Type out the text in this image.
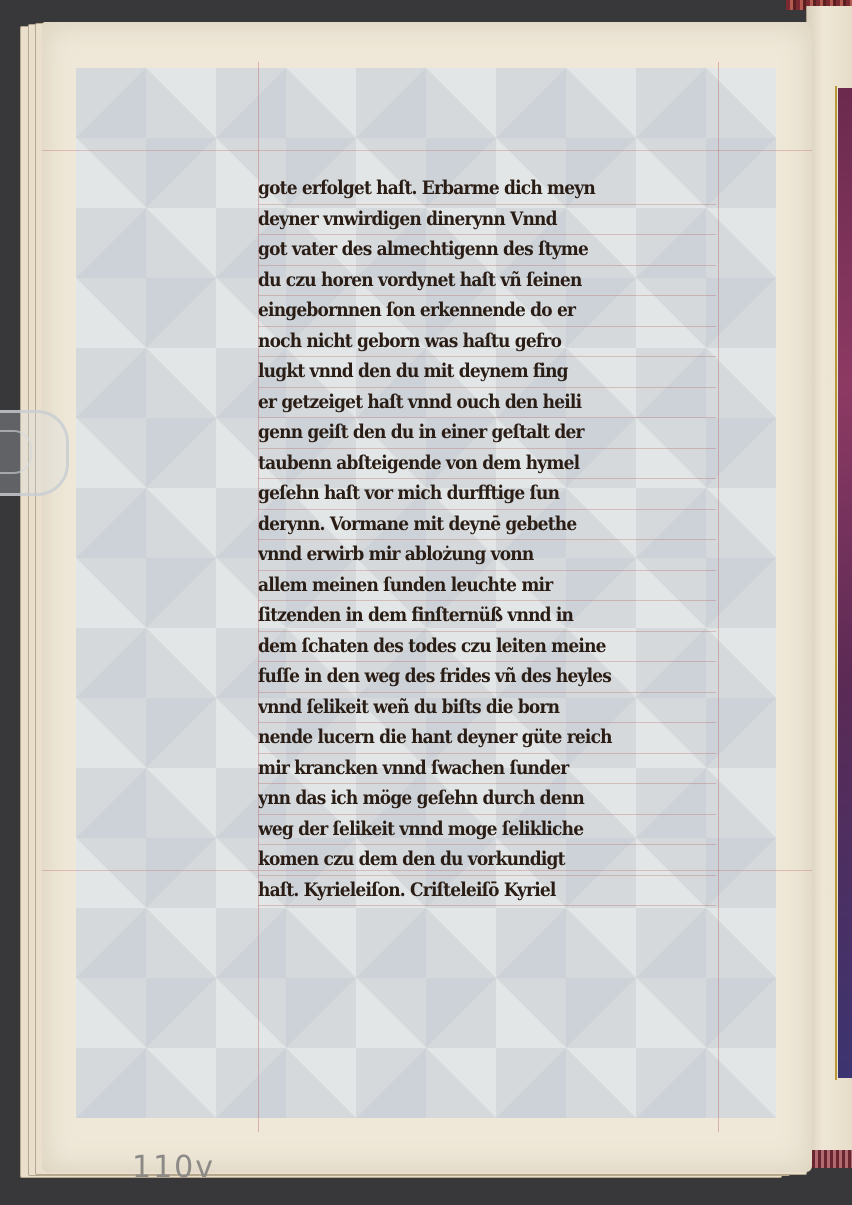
gote erfolget haſt. Erbarme dich meyn
deyner vnwirdigen dinerynn Vnnd
got vater des almechtigenn des ſtyme
du czu horen vordynet haſt vñ ſeinen
eingebornnen ſon erkennende do er
noch nicht geborn was haſtu gefro
lugkt vnnd den du mit deynem fing
er getzeiget haſt vnnd ouch den heili
genn geiſt den du in einer geſtalt der
taubenn abſteigende von dem hymel
geſehn haſt vor mich durfftige ſun
derynn. Vormane mit deynē gebethe
vnnd erwirb mir ablożung vonn
allem meinen ſunden leuchte mir
ſitzenden in dem finſternüß vnnd in
dem ſchaten des todes czu leiten meine
fuſſe in den weg des frides vñ des heyles
vnnd ſelikeit weñ du biſts die born
nende lucern die hant deyner güte reich
mir krancken vnnd ſwachen ſunder
ynn das ich möge geſehn durch denn
weg der ſelikeit vnnd moge ſelikliche
komen czu dem den du vorkundigt
haſt. Kyrieleiſon. Criſteleiſō Kyriel
110v
